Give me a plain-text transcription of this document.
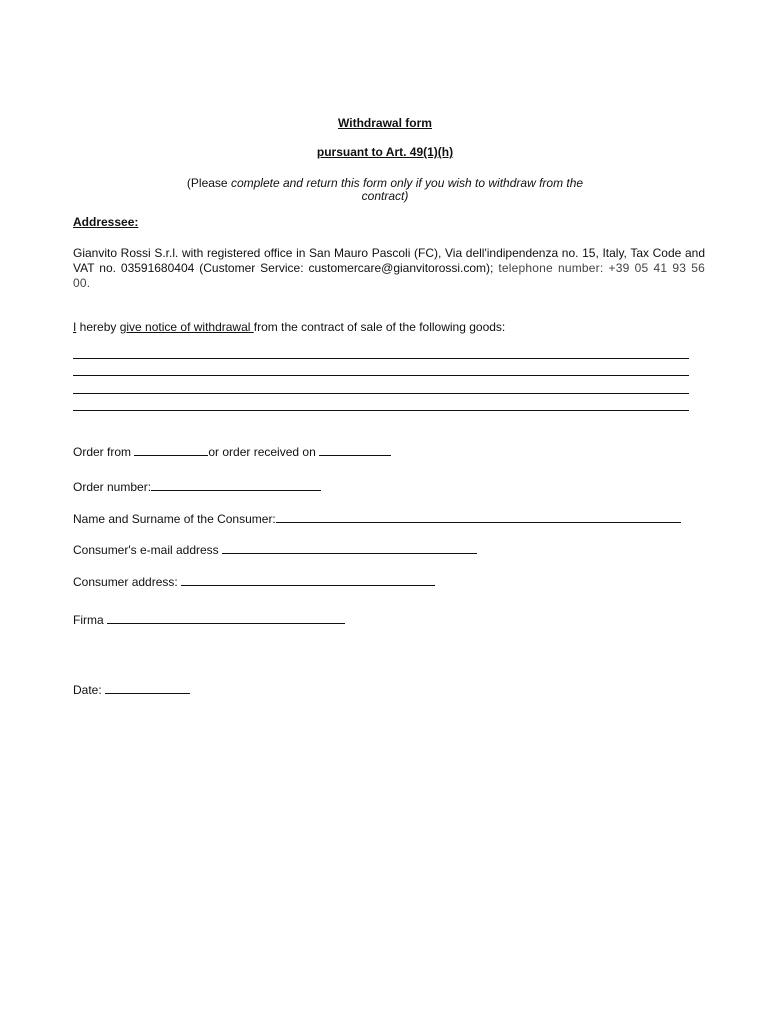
Withdrawal form
pursuant to Art. 49(1)(h)
(Please complete and return this form only if you wish to withdraw from the
contract)
Addressee:
Gianvito Rossi S.r.l. with registered office in San Mauro Pascoli (FC), Via dell'indipendenza no. 15, Italy, Tax Code and VAT no. 03591680404 (Customer Service: customercare@gianvitorossi.com); telephone number: +39 05 41 93 56 00.
I hereby give notice of withdrawal from the contract of sale of the following goods:
Order from	or order received on
Order number:
Name and Surname of the Consumer:
Consumer's e-mail address
Consumer address:
Firma
Date:
